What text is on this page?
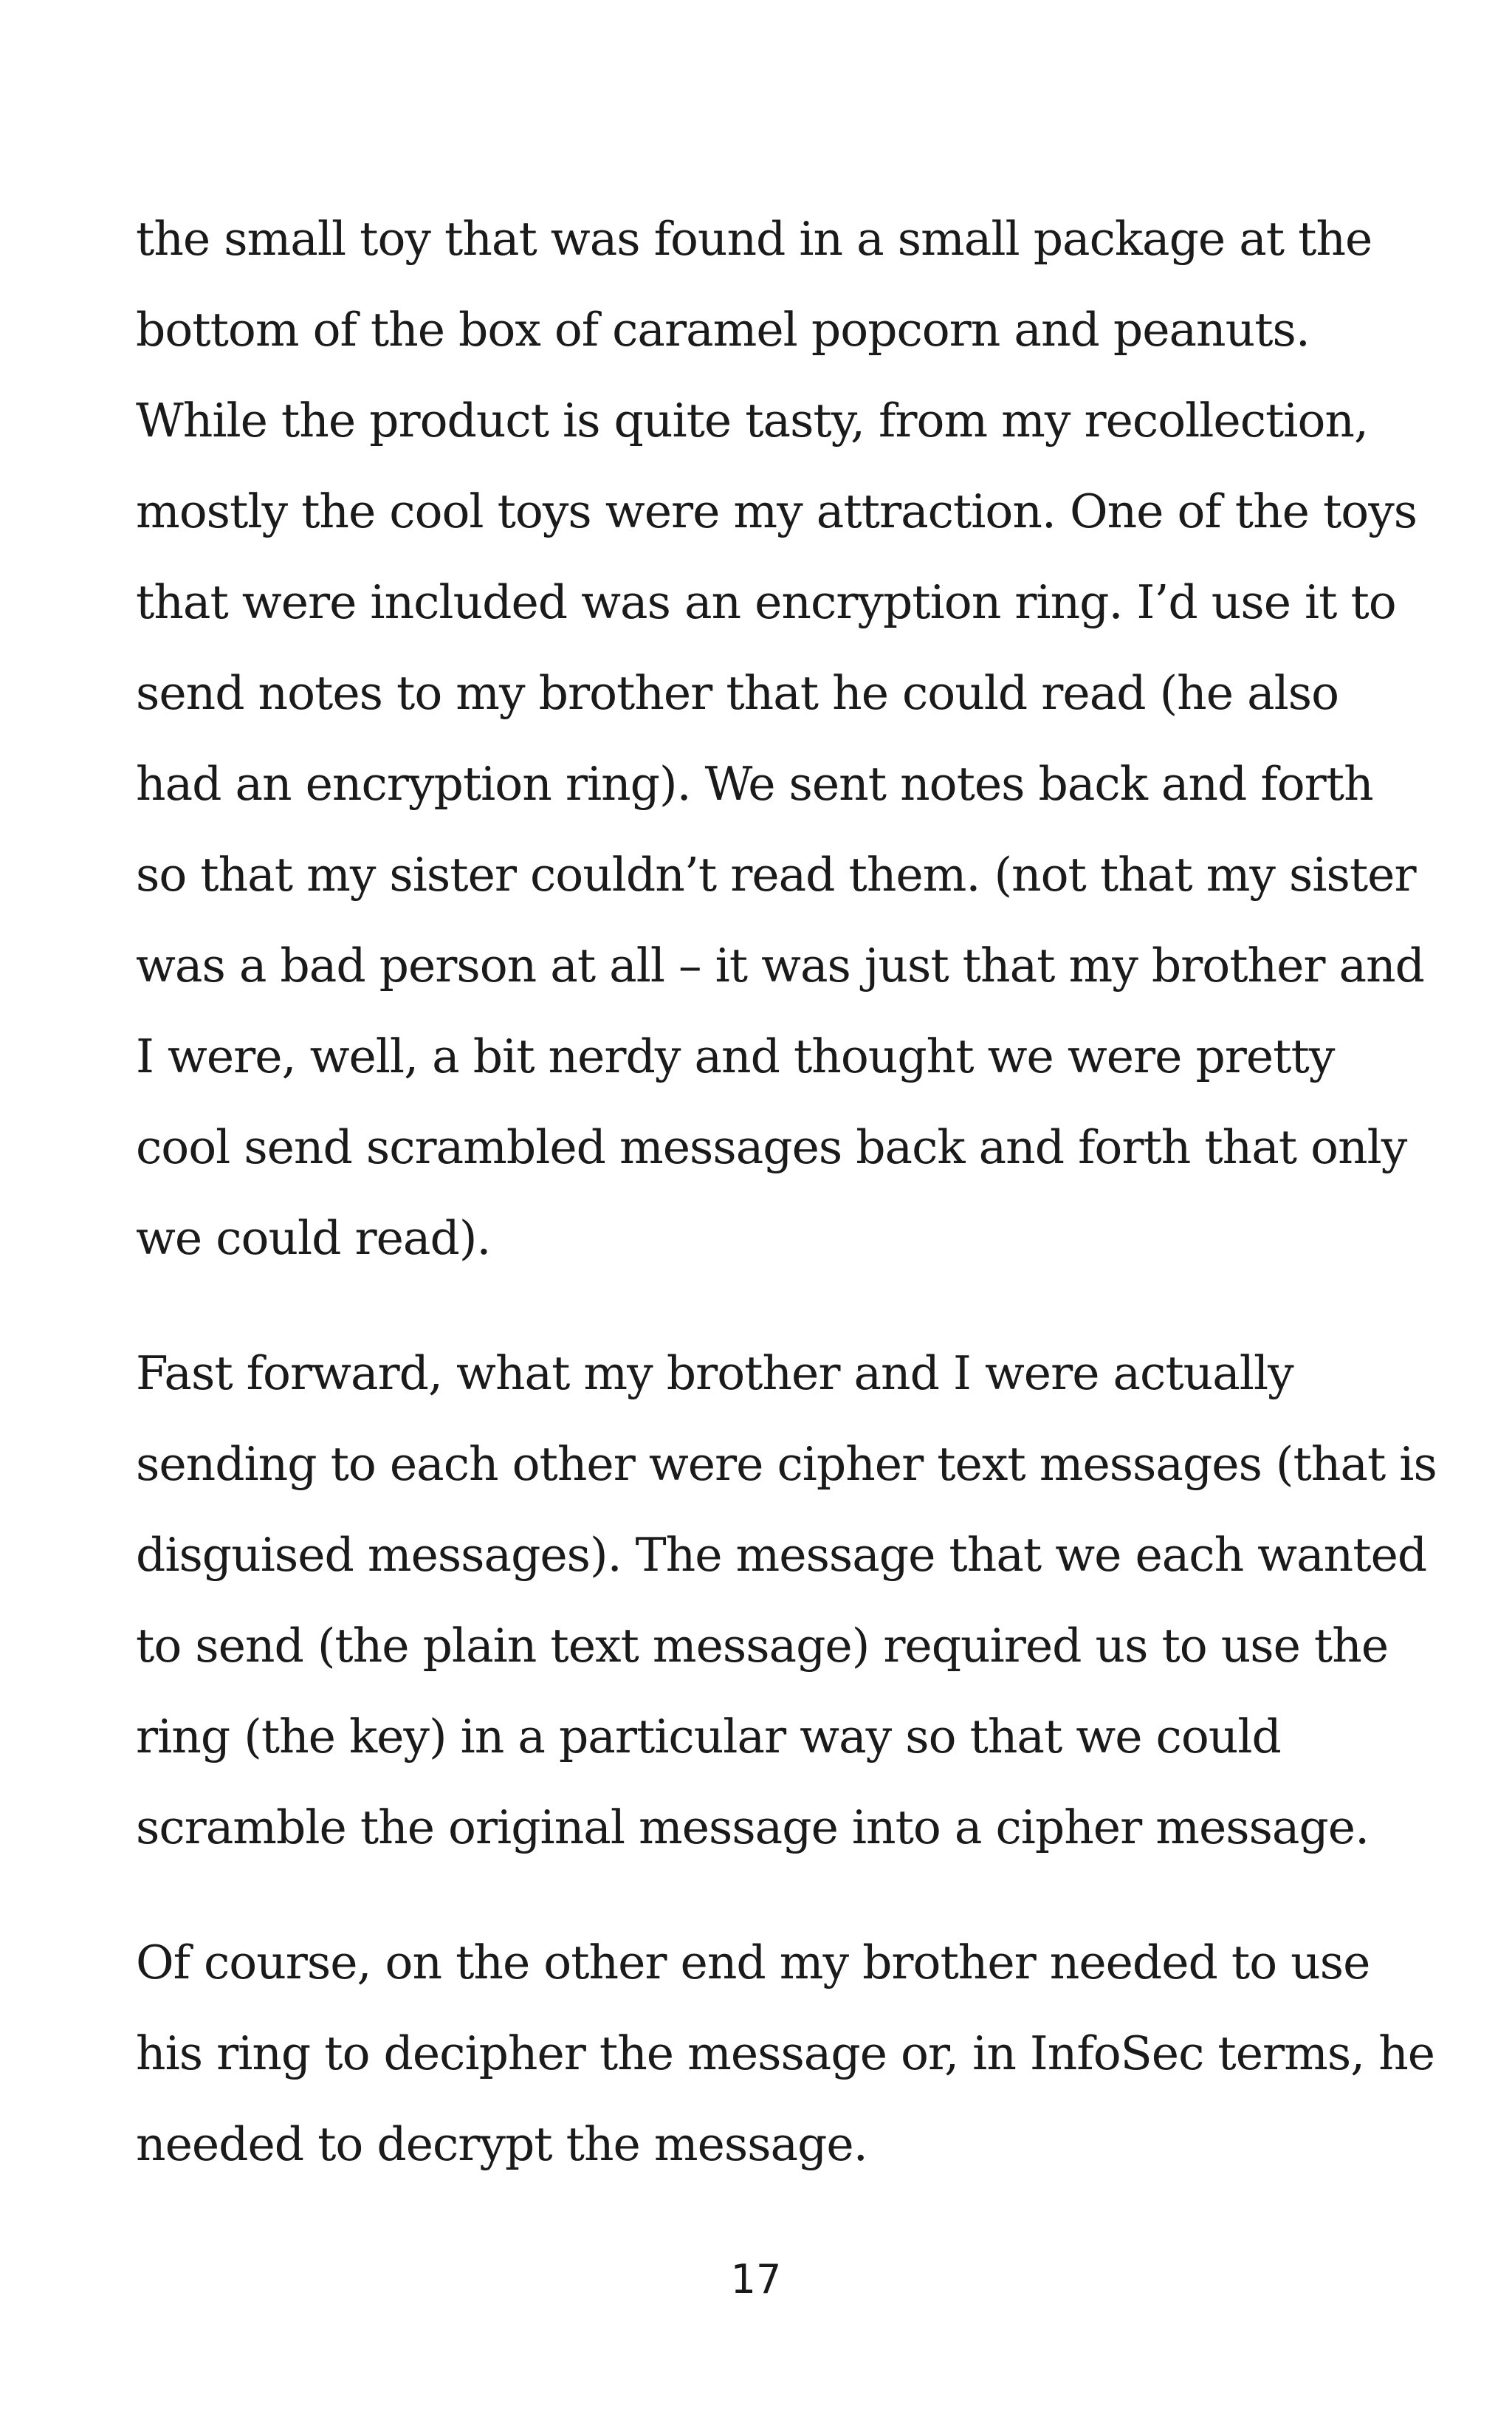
the small toy that was found in a small package at the
bottom of the box of caramel popcorn and peanuts.
While the product is quite tasty, from my recollection,
mostly the cool toys were my attraction. One of the toys
that were included was an encryption ring. I’d use it to
send notes to my brother that he could read (he also
had an encryption ring). We sent notes back and forth
so that my sister couldn’t read them. (not that my sister
was a bad person at all – it was just that my brother and
I were, well, a bit nerdy and thought we were pretty
cool send scrambled messages back and forth that only
we could read).
Fast forward, what my brother and I were actually
sending to each other were cipher text messages (that is
disguised messages). The message that we each wanted
to send (the plain text message) required us to use the
ring (the key) in a particular way so that we could
scramble the original message into a cipher message.
Of course, on the other end my brother needed to use
his ring to decipher the message or, in InfoSec terms, he
needed to decrypt the message.
17
